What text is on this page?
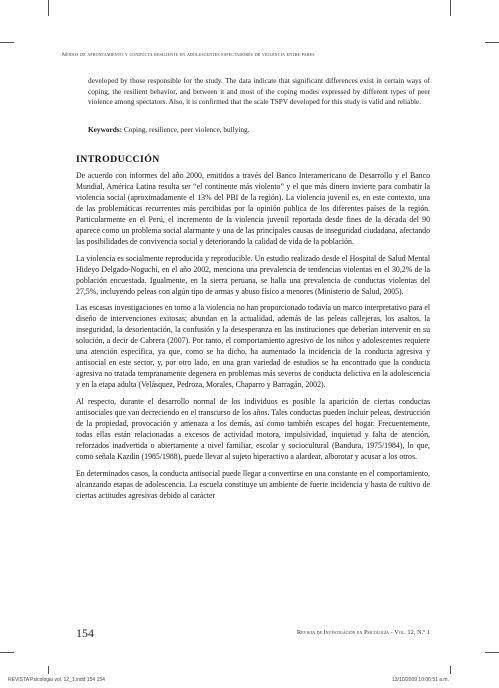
Modos de afrontamiento y conducta resiliente en adolescentes espectadores de violencia entre pares

developed by those responsible for the study. The data indicate that significant differences exist in certain ways of coping, the resilient behavior, and between it and most of the coping modes expressed by different types of peer violence among spectators. Also, it is confirmed that the scale TSPV developed for this study is valid and reliable.

Keywords: Coping, resilience, peer violence, bullying.
INTRODUCCIÓN

De acuerdo con informes del año 2000, emitidos a través del Banco Interamericano de Desarrollo y el Banco Mundial, América Latina resulta ser “el continente más violento” y el que más dinero invierte para combatir la violencia social (aproximadamente el 13% del PBI de la región). La violencia juvenil es, en este contexto, una de las problemáticas recurrentes más percibidas por la opinión publica de los diferentes países de la región. Particularmente en el Perú, el incremento de la violencia juvenil reportada desde fines de la década del 90 aparece como un problema social alarmante y una de las principales causas de inseguridad ciudadana, afectando las posibilidades de convivencia social y deteriorando la calidad de vida de la población.

La violencia es socialmente reproducida y reproducible. Un estudio realizado desde el Hospital de Salud Mental Hideyo Delgado-Noguchi, en el año 2002, menciona una prevalencia de tendencias violentas en el 30,2% de la población encuestada. Igualmente, en la sierra peruana, se halla una prevalencia de conductas violentas del 27,5%, incluyendo peleas con algún tipo de armas y abuso físico a menores (Ministerio de Salud, 2005).

Las escasas investigaciones en torno a la violencia no han proporcionado todavía un marco interpretativo para el diseño de intervenciones exitosas; abundan en la actualidad, además de las peleas callejeras, los asaltos, la inseguridad, la desorientación, la confusión y la desesperanza en las instituciones que deberían intervenir en su solución, a decir de Cabrera (2007). Por tanto, el comportamiento agresivo de los niños y adolescentes requiere una atención específica, ya que, como se ha dicho, ha aumentado la incidencia de la conducta agresiva y antisocial en este sector, y, por otro lado, en una gran variedad de estudios se ha encontrado que la conducta agresiva no tratada tempranamente degenera en problemas más severos de conducta delictiva en la adolescencia y en la etapa adulta (Velásquez, Pedroza, Morales, Chaparro y Barragán, 2002).

Al respecto, durante el desarrollo normal de los individuos es posible la aparición de ciertas conductas antisociales que van decreciendo en el transcurso de los años. Tales conductas pueden incluir peleas, destrucción de la propiedad, provocación y amenaza a los demás, así como también escapes del hogar. Frecuentemente, todas ellas están relacionadas a excesos de actividad motora, impulsividad, inquietud y falta de atención, reforzados inadvertida o abiertamente a nivel familiar, escolar y sociocultural (Bandura, 1975/1984), lo que, como señala Kazdin (1985/1988), puede llevar al sujeto hiperactivo a alardear, alborotar y acusar a los otros.

En determinados casos, la conducta antisocial puede llegar a convertirse en una constante en el comportamiento, alcanzando etapas de adolescencia. La escuela constituye un ambiente de fuerte incidencia y hasta de cultivo de ciertas actitudes agresivas debido al carácter

154	Revista de Investigación en Psicología - Vol. 12, N.º 1
REVISTA Psicologia vol. 12_1.indd 154 154	13/10/2009 10:06:51 a.m.
